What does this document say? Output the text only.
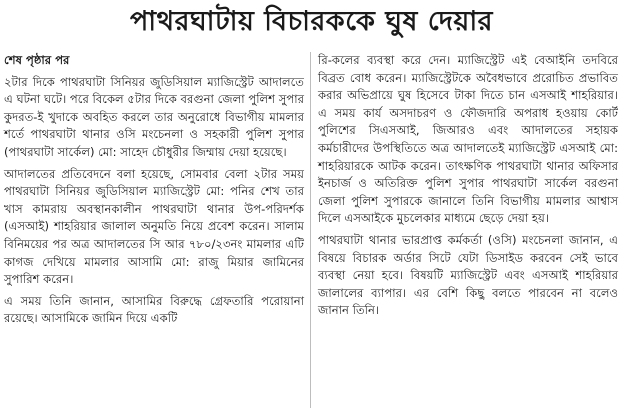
পাথরঘাটায় বিচারককে ঘুষ দেয়ার

শেষ পৃষ্ঠার পর

২টার দিকে পাথরঘাটা সিনিয়র জুডিসিয়াল ম্যাজিস্ট্রেট আদালতে এ ঘটনা ঘটে। পরে বিকেল ৫টার দিকে বরগুনা জেলা পুলিশ সুপার কুদরত-ই খুদাকে অবহিত করলে তার অনুরোধে বিভাগীয় মামলার শর্তে পাথরঘাটা থানার ওসি মংচেনলা ও সহকারী পুলিশ সুপার (পাথরঘাটা সার্কেল) মো: সাহেদ চৌধুরীর জিম্মায় দেয়া হয়েছে।

আদালতের প্রতিবেদনে বলা হয়েছে, সোমবার বেলা ২টার সময় পাথরঘাটা সিনিয়র জুডিসিয়াল ম্যাজিস্ট্রেট মো: পনির শেখ তার খাস কামরায় অবস্থানকালীন পাথরঘাটা থানার উপ-পরিদর্শক (এসআই) শাহরিয়ার জালাল অনুমতি নিয়ে প্রবেশ করেন। সালাম বিনিময়ের পর অত্র আদালতের সি আর ৭৮০/২৩নং মামলার এটি কাগজ দেখিয়ে মামলার আসামি মো: রাজু মিয়ার জামিনের সুপারিশ করেন।

এ সময় তিনি জানান, আসামির বিরুদ্ধে গ্রেফতারি পরোয়ানা রয়েছে। আসামিকে জামিন দিয়ে একটি

রি-কলের ব্যবস্থা করে দেন। ম্যাজিস্ট্রেট এই বেআইনি তদবিরে বিব্রত বোধ করেন। ম্যাজিস্ট্রেটকে অবৈধভাবে প্ররোচিত প্রভাবিত করার অভিপ্রায়ে ঘুষ হিসেবে টাকা দিতে চান এসআই শাহরিয়ার। এ সময় কার্য অসদাচরণ ও ফৌজদারি অপরাধ হওয়ায় কোর্ট পুলিশের সিএসআই, জিআরও এবং আদালতের সহায়ক কর্মচারীদের উপস্থিতিতে অত্র আদালতেই ম্যাজিস্ট্রেট এসআই মো: শাহরিয়ারকে আটক করেন। তাৎক্ষণিক পাথরঘাটা থানার অফিসার ইনচার্জ ও অতিরিক্ত পুলিশ সুপার পাথরঘাটা সার্কেল বরগুনা জেলা পুলিশ সুপারকে জানালে তিনি বিভাগীয় মামলার আশ্বাস দিলে এসআইকে মুচলেকার মাধ্যমে ছেড়ে দেয়া হয়।

পাথরঘাটা থানার ভারপ্রাপ্ত কর্মকর্তা (ওসি) মংচেনলা জানান, এ বিষয়ে বিচারক অর্ডার সিটে যেটা ডিসাইড করবেন সেই ভাবে ব্যবস্থা নেয়া হবে। বিষয়টি ম্যাজিস্ট্রেট এবং এসআই শাহরিয়ার জালালের ব্যাপার। এর বেশি কিছু বলতে পারবেন না বলেও জানান তিনি।
